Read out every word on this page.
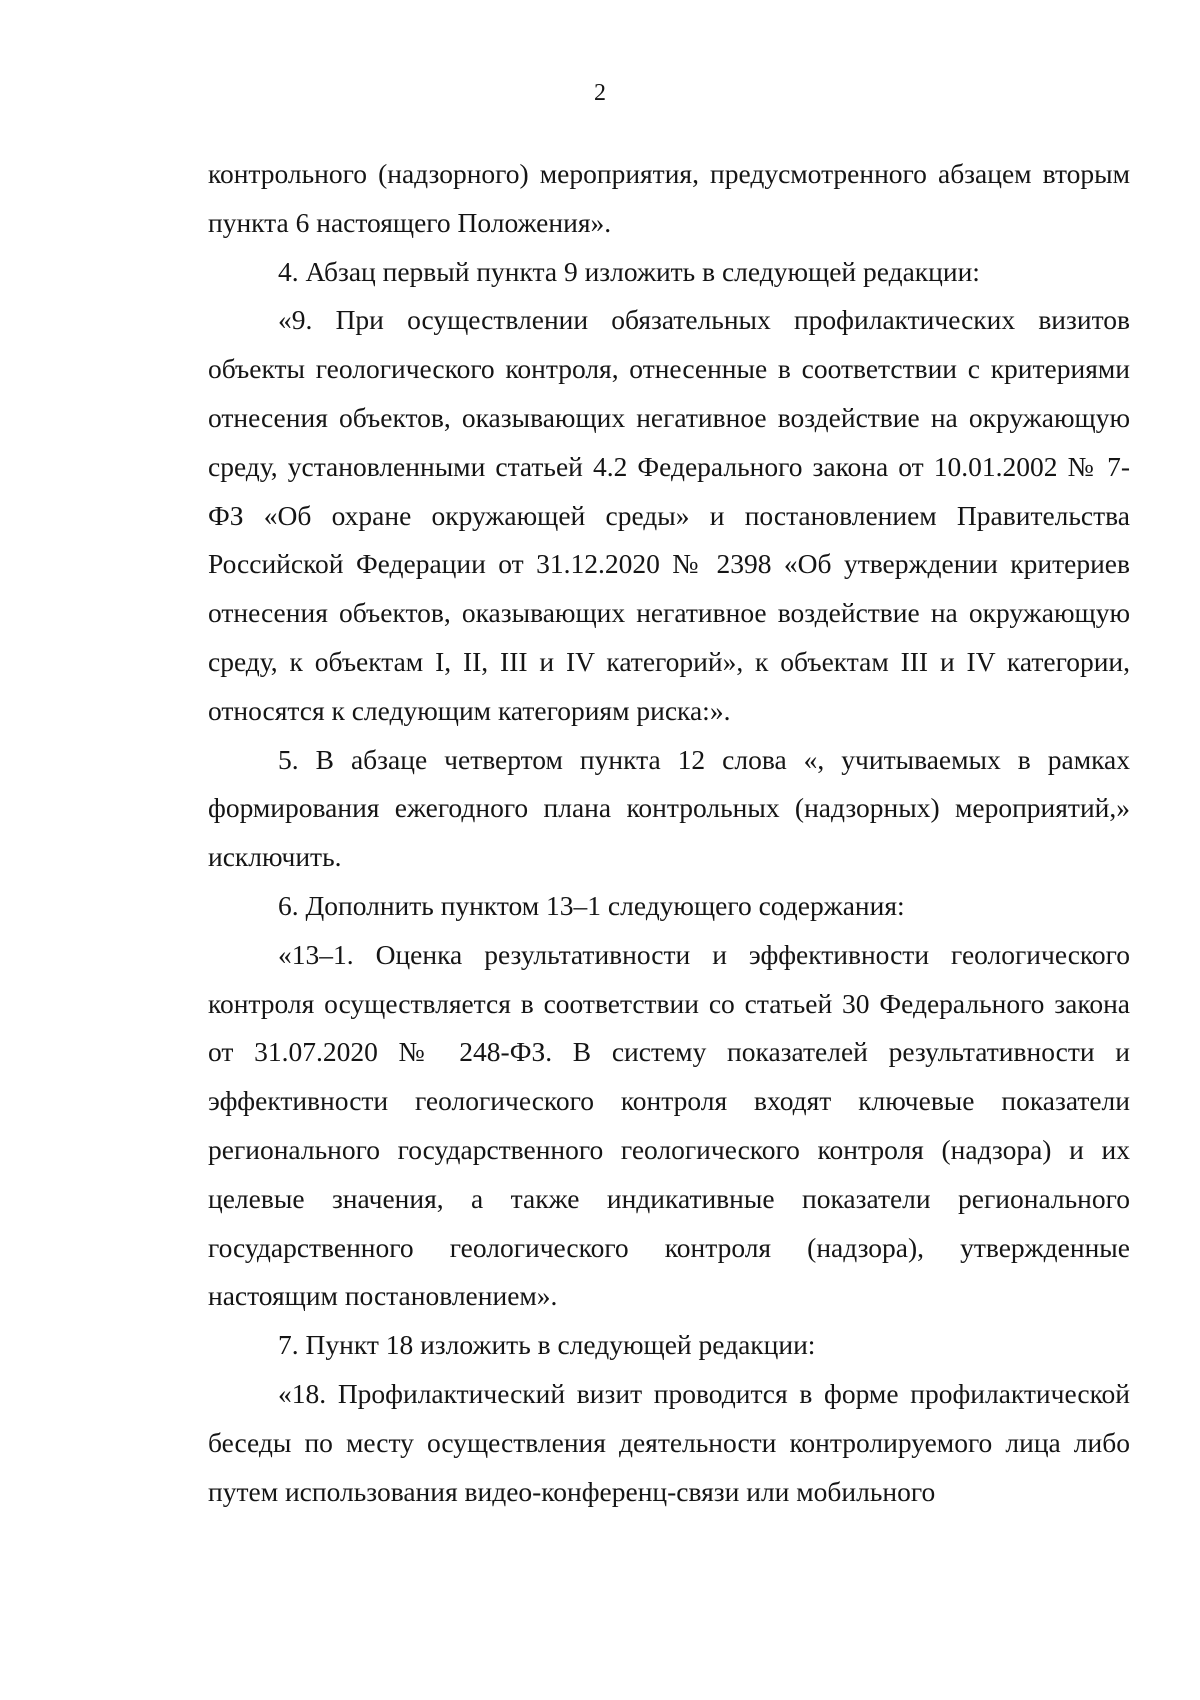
2

контрольного (надзорного) мероприятия, предусмотренного абзацем вторым пункта 6 настоящего Положения».

4. Абзац первый пункта 9 изложить в следующей редакции:

«9. При осуществлении обязательных профилактических визитов объекты геологического контроля, отнесенные в соответствии с критериями отнесения объектов, оказывающих негативное воздействие на окружающую среду, установленными статьей 4.2 Федерального закона от 10.01.2002 № 7-ФЗ «Об охране окружающей среды» и постановлением Правительства Российской Федерации от 31.12.2020 № 2398 «Об утверждении критериев отнесения объектов, оказывающих негативное воздействие на окружающую среду, к объектам I, II, III и IV категорий», к объектам III и IV категории, относятся к следующим категориям риска:».

5. В абзаце четвертом пункта 12 слова «, учитываемых в рамках формирования ежегодного плана контрольных (надзорных) мероприятий,» исключить.

6. Дополнить пунктом 13–1 следующего содержания:

«13–1. Оценка результативности и эффективности геологического контроля осуществляется в соответствии со статьей 30 Федерального закона от 31.07.2020 № 248-ФЗ. В систему показателей результативности и эффективности геологического контроля входят ключевые показатели регионального государственного геологического контроля (надзора) и их целевые значения, а также индикативные показатели регионального государственного геологического контроля (надзора), утвержденные настоящим постановлением».

7. Пункт 18 изложить в следующей редакции:

«18. Профилактический визит проводится в форме профилактической беседы по месту осуществления деятельности контролируемого лица либо путем использования видео-конференц-связи или мобильного
